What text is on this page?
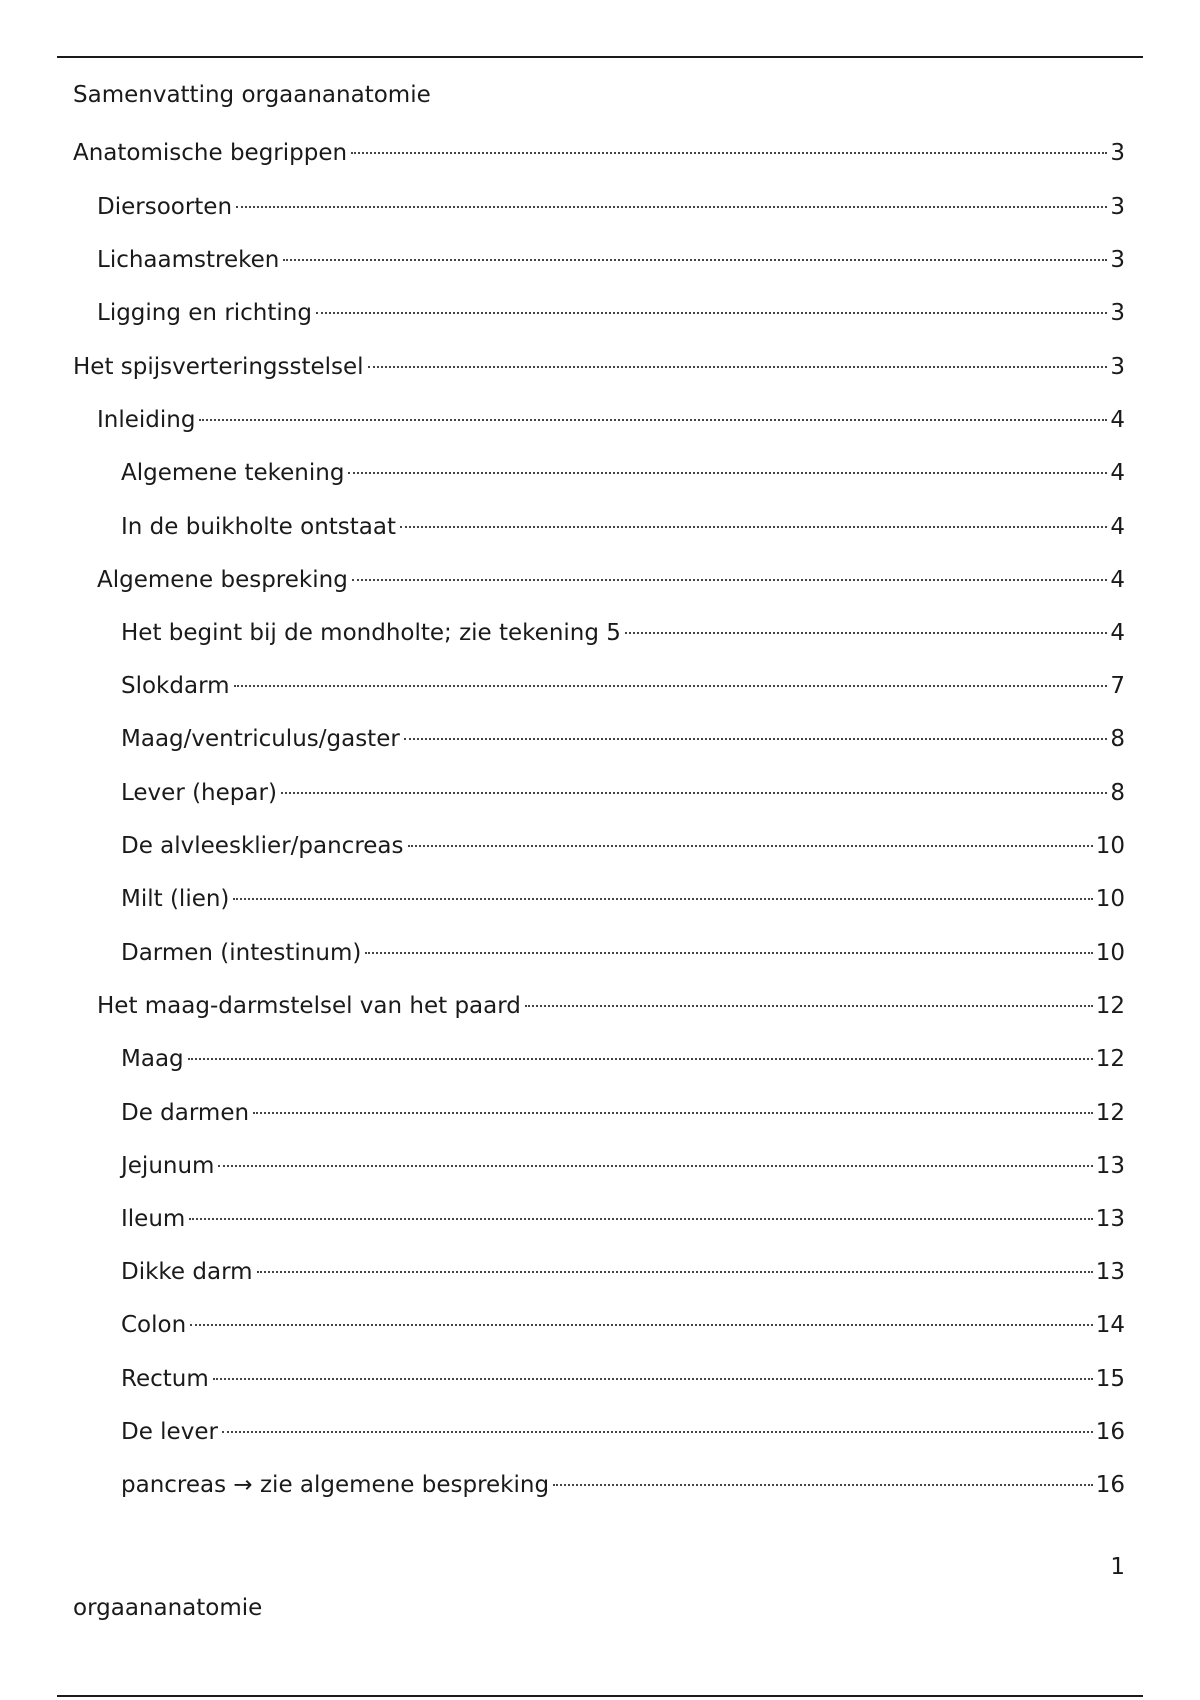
Samenvatting orgaananatomie
Anatomische begrippen	3
Diersoorten	3
Lichaamstreken	3
Ligging en richting	3
Het spijsverteringsstelsel	3
Inleiding	4
Algemene tekening	4
In de buikholte ontstaat	4
Algemene bespreking	4
Het begint bij de mondholte; zie tekening 5	4
Slokdarm	7
Maag/ventriculus/gaster	8
Lever (hepar)	8
De alvleesklier/pancreas	10
Milt (lien)	10
Darmen (intestinum)	10
Het maag-darmstelsel van het paard	12
Maag	12
De darmen	12
Jejunum	13
Ileum	13
Dikke darm	13
Colon	14
Rectum	15
De lever	16
pancreas → zie algemene bespreking	16
1
orgaananatomie
